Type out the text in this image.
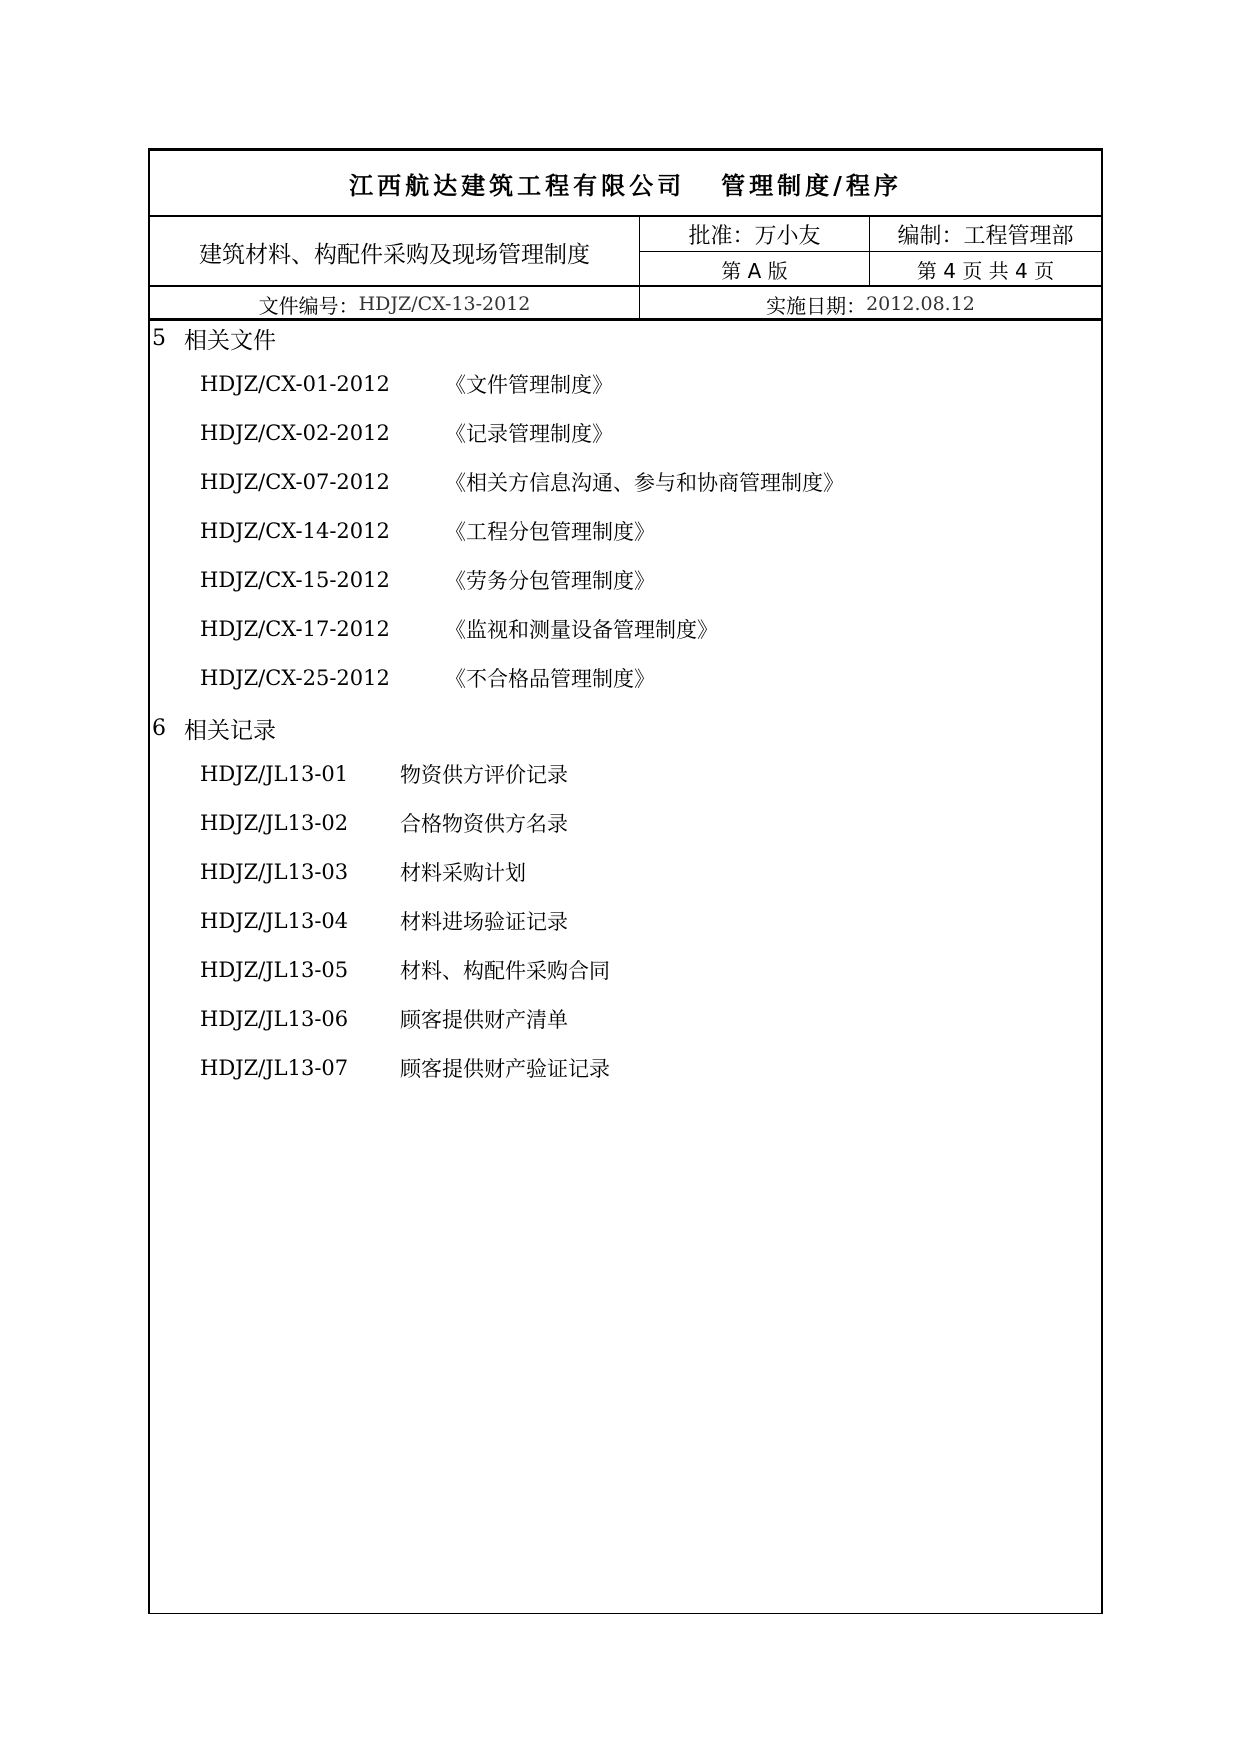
江西航达建筑工程有限公司 管理制度/程序
建筑材料、构配件采购及现场管理制度
批准： 万小友	编制： 工程管理部
第 A 版	第 4 页 共 4 页
文件编号： HDJZ/CX-13-2012	实施日期： 2012.08.12
5 相关文件
HDJZ/CX-01-2012	《文件管理制度》
HDJZ/CX-02-2012	《记录管理制度》
HDJZ/CX-07-2012	《相关方信息沟通、参与和协商管理制度》
HDJZ/CX-14-2012	《工程分包管理制度》
HDJZ/CX-15-2012	《劳务分包管理制度》
HDJZ/CX-17-2012	《监视和测量设备管理制度》
HDJZ/CX-25-2012	《不合格品管理制度》
6 相关记录
HDJZ/JL13-01 物资供方评价记录
HDJZ/JL13-02 合格物资供方名录
HDJZ/JL13-03 材料采购计划
HDJZ/JL13-04 材料进场验证记录
HDJZ/JL13-05 材料、构配件采购合同
HDJZ/JL13-06 顾客提供财产清单
HDJZ/JL13-07 顾客提供财产验证记录
